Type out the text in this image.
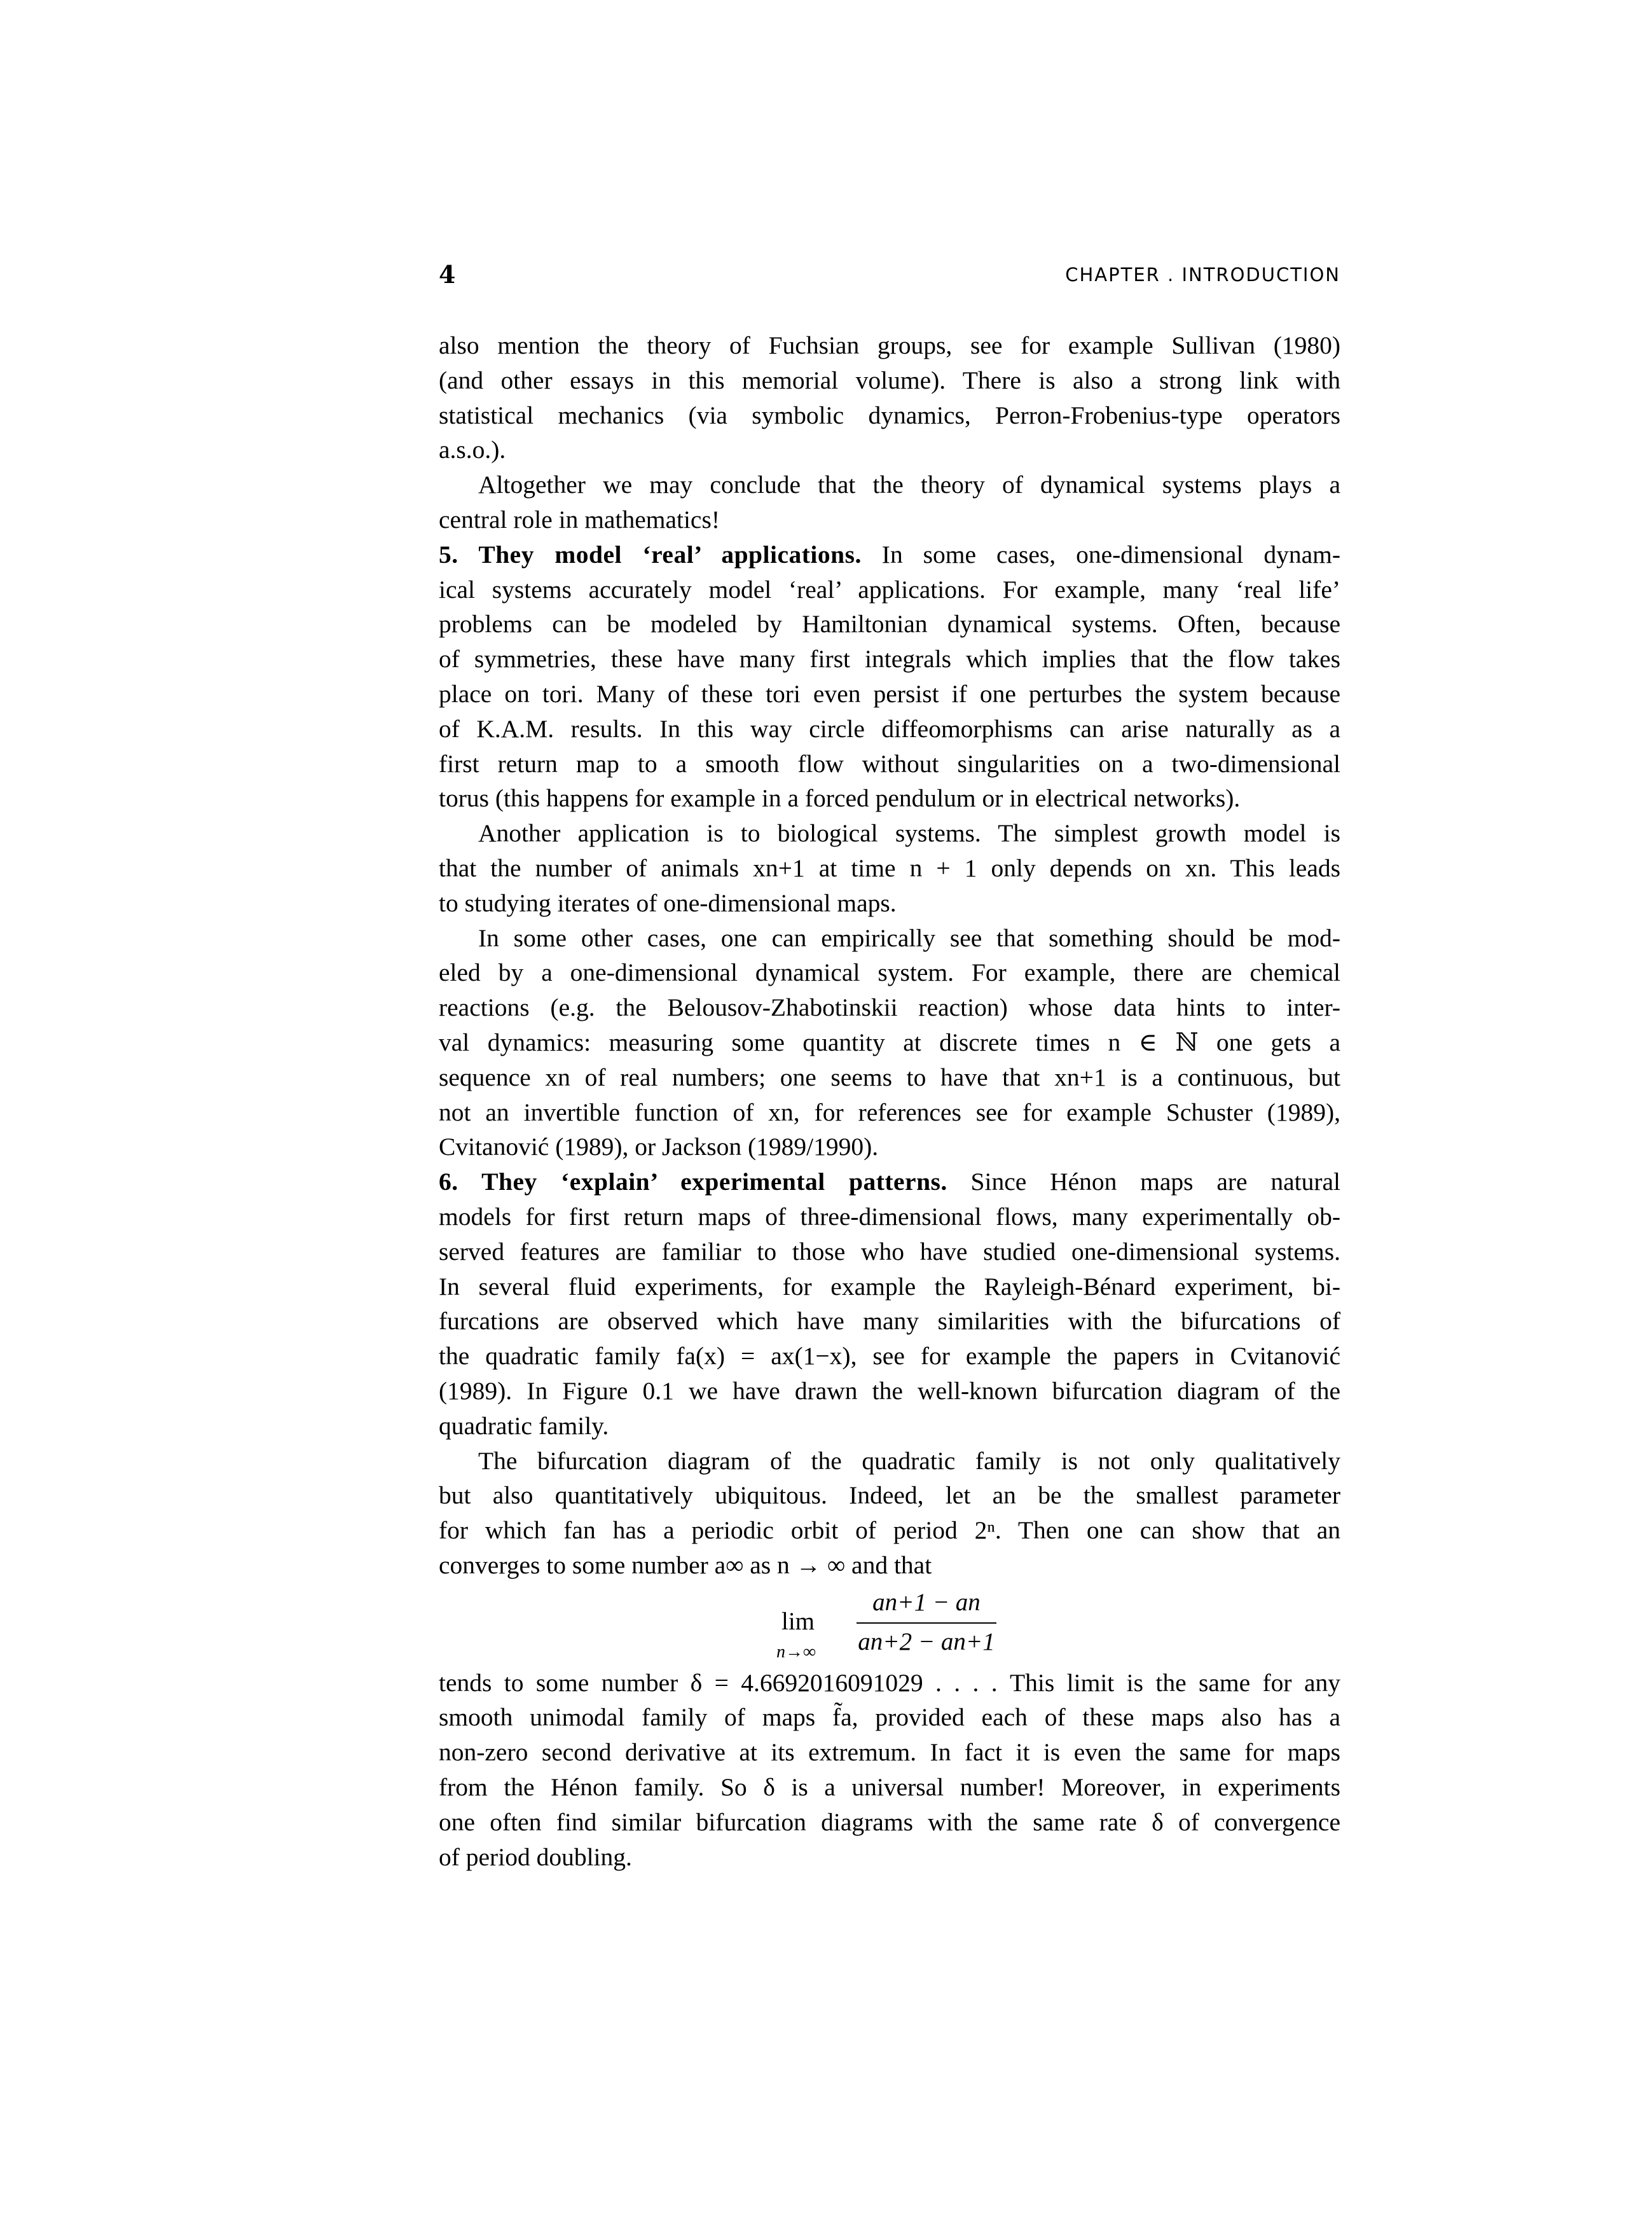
4	CHAPTER . INTRODUCTION
also mention the theory of Fuchsian groups, see for example Sullivan (1980)
(and other essays in this memorial volume). There is also a strong link with
statistical mechanics (via symbolic dynamics, Perron-Frobenius-type operators
a.s.o.).
Altogether we may conclude that the theory of dynamical systems plays a
central role in mathematics!
5. They model ‘real’ applications. In some cases, one-dimensional dynam-
ical systems accurately model ‘real’ applications. For example, many ‘real life’
problems can be modeled by Hamiltonian dynamical systems. Often, because
of symmetries, these have many first integrals which implies that the flow takes
place on tori. Many of these tori even persist if one perturbes the system because
of K.A.M. results. In this way circle diffeomorphisms can arise naturally as a
first return map to a smooth flow without singularities on a two-dimensional
torus (this happens for example in a forced pendulum or in electrical networks).
Another application is to biological systems. The simplest growth model is
that the number of animals xn+1 at time n + 1 only depends on xn. This leads
to studying iterates of one-dimensional maps.
In some other cases, one can empirically see that something should be mod-
eled by a one-dimensional dynamical system. For example, there are chemical
reactions (e.g. the Belousov-Zhabotinskii reaction) whose data hints to inter-
val dynamics: measuring some quantity at discrete times n ∈ ℕ one gets a
sequence xn of real numbers; one seems to have that xn+1 is a continuous, but
not an invertible function of xn, for references see for example Schuster (1989),
Cvitanović (1989), or Jackson (1989/1990).
6. They ‘explain’ experimental patterns. Since Hénon maps are natural
models for first return maps of three-dimensional flows, many experimentally ob-
served features are familiar to those who have studied one-dimensional systems.
In several fluid experiments, for example the Rayleigh-Bénard experiment, bi-
furcations are observed which have many similarities with the bifurcations of
the quadratic family fa(x) = ax(1−x), see for example the papers in Cvitanović
(1989). In Figure 0.1 we have drawn the well-known bifurcation diagram of the
quadratic family.
The bifurcation diagram of the quadratic family is not only qualitatively
but also quantitatively ubiquitous. Indeed, let an be the smallest parameter
for which fan has a periodic orbit of period 2ⁿ. Then one can show that an
converges to some number a∞ as n → ∞ and that
lim
n→∞
an+1 − an
an+2 − an+1
tends to some number δ = 4.6692016091029 . . . . This limit is the same for any
smooth unimodal family of maps f̃a, provided each of these maps also has a
non-zero second derivative at its extremum. In fact it is even the same for maps
from the Hénon family. So δ is a universal number! Moreover, in experiments
one often find similar bifurcation diagrams with the same rate δ of convergence
of period doubling.
